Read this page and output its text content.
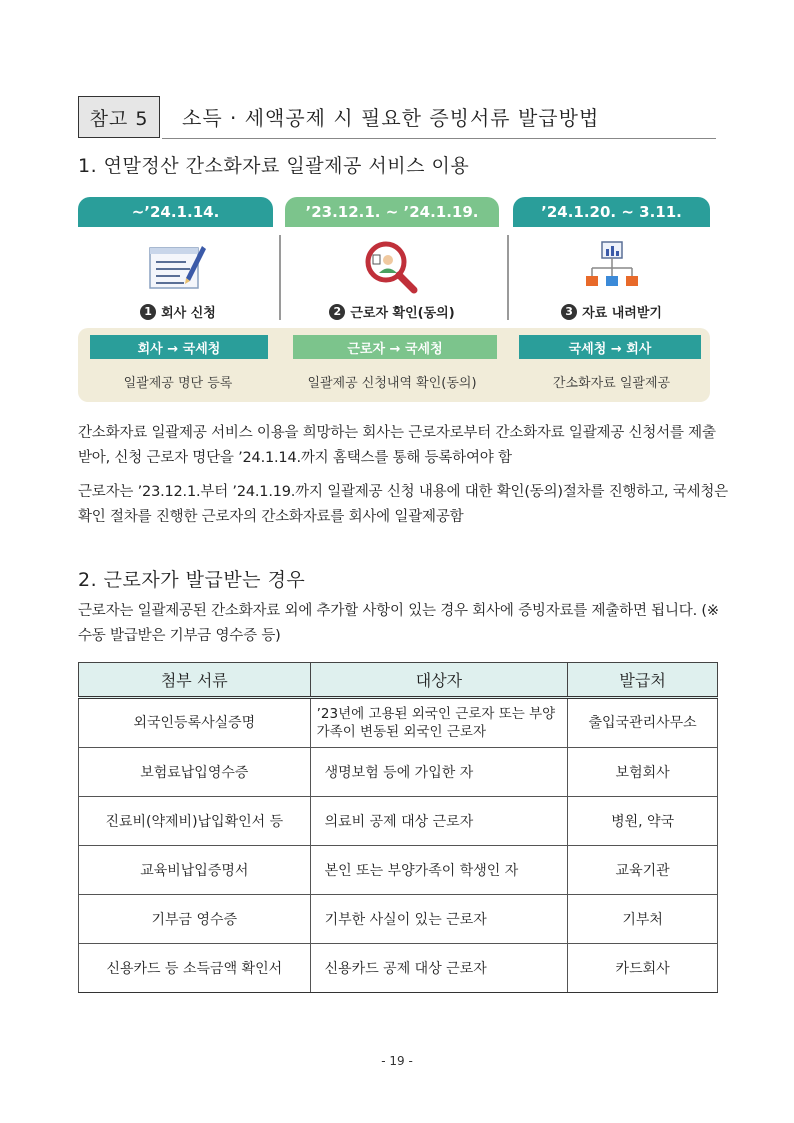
참고 5	소득 · 세액공제 시 필요한 증빙서류 발급방법
1. 연말정산 간소화자료 일괄제공 서비스 이용
~’24.1.14.	’23.12.1. ~ ’24.1.19.	’24.1.20. ~ 3.11.
1 회사 신청	2 근로자 확인(동의)	3 자료 내려받기
회사 → 국세청	근로자 → 국세청	국세청 → 회사
일괄제공 명단 등록	일괄제공 신청내역 확인(동의)	간소화자료 일괄제공
간소화자료 일괄제공 서비스 이용을 희망하는 회사는 근로자로부터 간소화자료 일괄제공 신청서를 제출받아, 신청 근로자 명단을 ’24.1.14.까지 홈택스를 통해 등록하여야 함
근로자는 ’23.12.1.부터 ’24.1.19.까지 일괄제공 신청 내용에 대한 확인(동의)절차를 진행하고, 국세청은 확인 절차를 진행한 근로자의 간소화자료를 회사에 일괄제공함
2. 근로자가 발급받는 경우
근로자는 일괄제공된 간소화자료 외에 추가할 사항이 있는 경우 회사에 증빙자료를 제출하면 됩니다. (※수동 발급받은 기부금 영수증 등)
첨부 서류	대상자	발급처
외국인등록사실증명	’23년에 고용된 외국인 근로자 또는 부양가족이 변동된 외국인 근로자	출입국관리사무소
보험료납입영수증	생명보험 등에 가입한 자	보험회사
진료비(약제비)납입확인서 등	의료비 공제 대상 근로자	병원, 약국
교육비납입증명서	본인 또는 부양가족이 학생인 자	교육기관
기부금 영수증	기부한 사실이 있는 근로자	기부처
신용카드 등 소득금액 확인서	신용카드 공제 대상 근로자	카드회사
- 19 -
